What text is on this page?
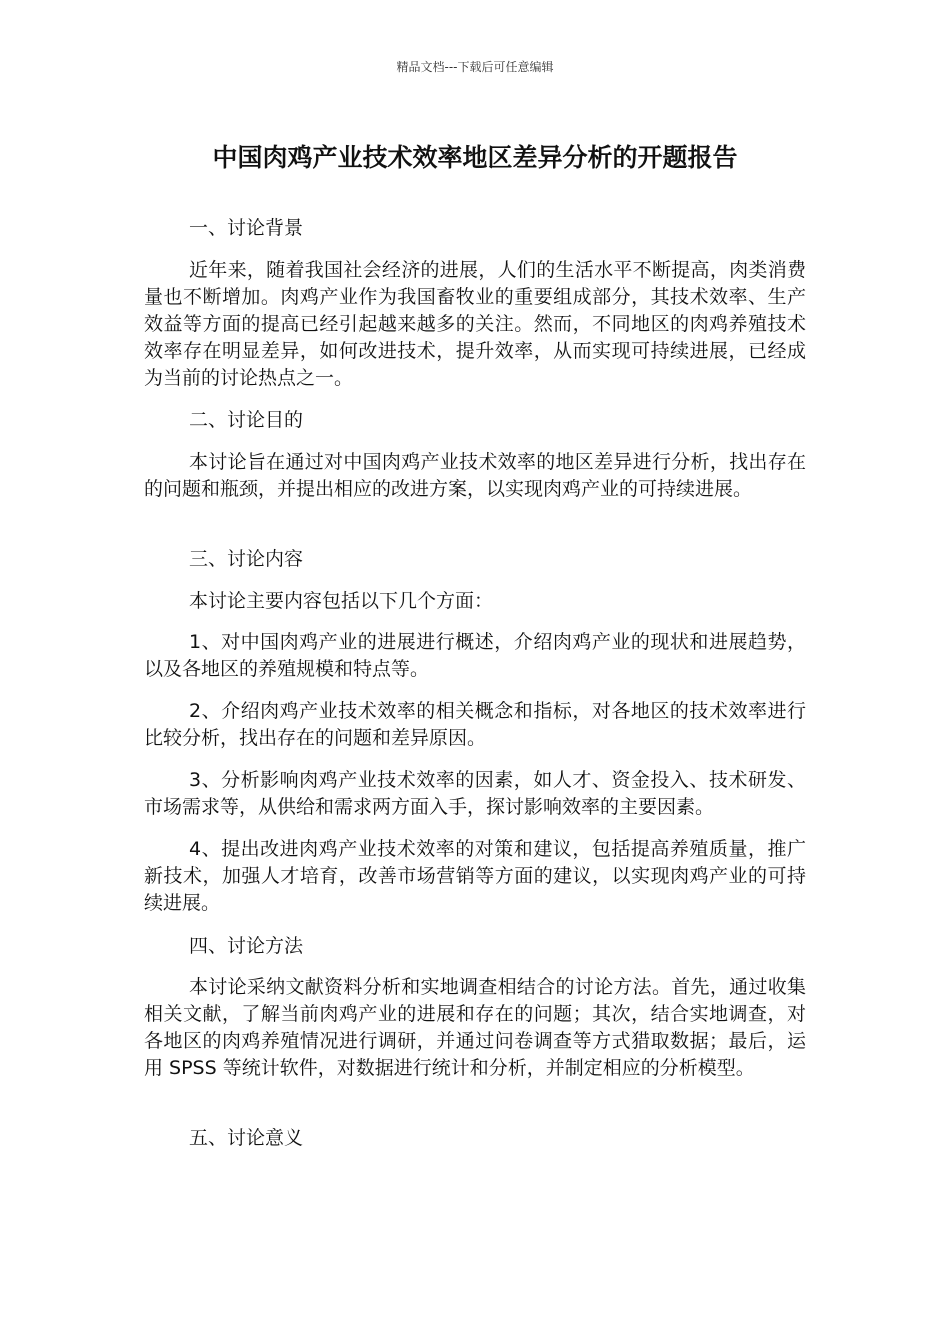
精品文档---下载后可任意编辑
中国肉鸡产业技术效率地区差异分析的开题报告

一、讨论背景

近年来，随着我国社会经济的进展，人们的生活水平不断提高，肉类消费量也不断增加。肉鸡产业作为我国畜牧业的重要组成部分，其技术效率、生产效益等方面的提高已经引起越来越多的关注。然而，不同地区的肉鸡养殖技术效率存在明显差异，如何改进技术，提升效率，从而实现可持续进展，已经成为当前的讨论热点之一。

二、讨论目的

本讨论旨在通过对中国肉鸡产业技术效率的地区差异进行分析，找出存在的问题和瓶颈，并提出相应的改进方案，以实现肉鸡产业的可持续进展。

三、讨论内容

本讨论主要内容包括以下几个方面：

1、对中国肉鸡产业的进展进行概述，介绍肉鸡产业的现状和进展趋势，以及各地区的养殖规模和特点等。

2、介绍肉鸡产业技术效率的相关概念和指标，对各地区的技术效率进行比较分析，找出存在的问题和差异原因。

3、分析影响肉鸡产业技术效率的因素，如人才、资金投入、技术研发、市场需求等，从供给和需求两方面入手，探讨影响效率的主要因素。

4、提出改进肉鸡产业技术效率的对策和建议，包括提高养殖质量，推广新技术，加强人才培育，改善市场营销等方面的建议，以实现肉鸡产业的可持续进展。

四、讨论方法

本讨论采纳文献资料分析和实地调查相结合的讨论方法。首先，通过收集相关文献，了解当前肉鸡产业的进展和存在的问题；其次，结合实地调查，对各地区的肉鸡养殖情况进行调研，并通过问卷调查等方式猎取数据；最后，运用 SPSS 等统计软件，对数据进行统计和分析，并制定相应的分析模型。

五、讨论意义
